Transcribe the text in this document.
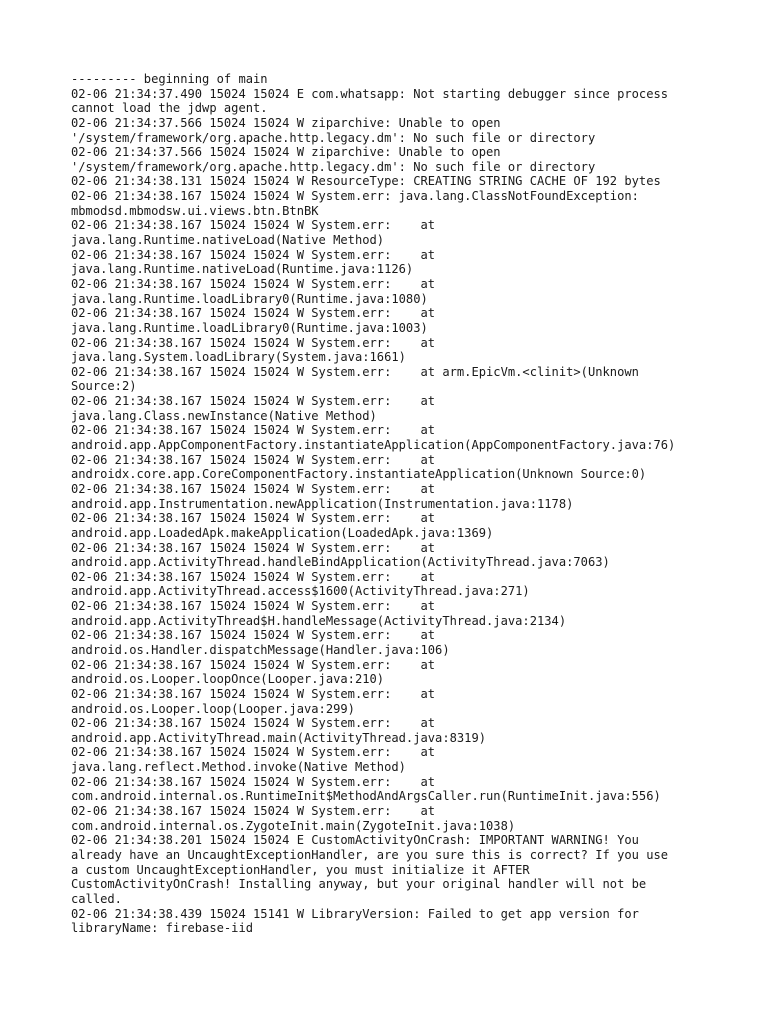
--------- beginning of main
02-06 21:34:37.490 15024 15024 E com.whatsapp: Not starting debugger since process
cannot load the jdwp agent.
02-06 21:34:37.566 15024 15024 W ziparchive: Unable to open
'/system/framework/org.apache.http.legacy.dm': No such file or directory
02-06 21:34:37.566 15024 15024 W ziparchive: Unable to open
'/system/framework/org.apache.http.legacy.dm': No such file or directory
02-06 21:34:38.131 15024 15024 W ResourceType: CREATING STRING CACHE OF 192 bytes
02-06 21:34:38.167 15024 15024 W System.err: java.lang.ClassNotFoundException:
mbmodsd.mbmodsw.ui.views.btn.BtnBK
02-06 21:34:38.167 15024 15024 W System.err:    at
java.lang.Runtime.nativeLoad(Native Method)
02-06 21:34:38.167 15024 15024 W System.err:    at
java.lang.Runtime.nativeLoad(Runtime.java:1126)
02-06 21:34:38.167 15024 15024 W System.err:    at
java.lang.Runtime.loadLibrary0(Runtime.java:1080)
02-06 21:34:38.167 15024 15024 W System.err:    at
java.lang.Runtime.loadLibrary0(Runtime.java:1003)
02-06 21:34:38.167 15024 15024 W System.err:    at
java.lang.System.loadLibrary(System.java:1661)
02-06 21:34:38.167 15024 15024 W System.err:    at arm.EpicVm.<clinit>(Unknown
Source:2)
02-06 21:34:38.167 15024 15024 W System.err:    at
java.lang.Class.newInstance(Native Method)
02-06 21:34:38.167 15024 15024 W System.err:    at
android.app.AppComponentFactory.instantiateApplication(AppComponentFactory.java:76)
02-06 21:34:38.167 15024 15024 W System.err:    at
androidx.core.app.CoreComponentFactory.instantiateApplication(Unknown Source:0)
02-06 21:34:38.167 15024 15024 W System.err:    at
android.app.Instrumentation.newApplication(Instrumentation.java:1178)
02-06 21:34:38.167 15024 15024 W System.err:    at
android.app.LoadedApk.makeApplication(LoadedApk.java:1369)
02-06 21:34:38.167 15024 15024 W System.err:    at
android.app.ActivityThread.handleBindApplication(ActivityThread.java:7063)
02-06 21:34:38.167 15024 15024 W System.err:    at
android.app.ActivityThread.access$1600(ActivityThread.java:271)
02-06 21:34:38.167 15024 15024 W System.err:    at
android.app.ActivityThread$H.handleMessage(ActivityThread.java:2134)
02-06 21:34:38.167 15024 15024 W System.err:    at
android.os.Handler.dispatchMessage(Handler.java:106)
02-06 21:34:38.167 15024 15024 W System.err:    at
android.os.Looper.loopOnce(Looper.java:210)
02-06 21:34:38.167 15024 15024 W System.err:    at
android.os.Looper.loop(Looper.java:299)
02-06 21:34:38.167 15024 15024 W System.err:    at
android.app.ActivityThread.main(ActivityThread.java:8319)
02-06 21:34:38.167 15024 15024 W System.err:    at
java.lang.reflect.Method.invoke(Native Method)
02-06 21:34:38.167 15024 15024 W System.err:    at
com.android.internal.os.RuntimeInit$MethodAndArgsCaller.run(RuntimeInit.java:556)
02-06 21:34:38.167 15024 15024 W System.err:    at
com.android.internal.os.ZygoteInit.main(ZygoteInit.java:1038)
02-06 21:34:38.201 15024 15024 E CustomActivityOnCrash: IMPORTANT WARNING! You
already have an UncaughtExceptionHandler, are you sure this is correct? If you use
a custom UncaughtExceptionHandler, you must initialize it AFTER
CustomActivityOnCrash! Installing anyway, but your original handler will not be
called.
02-06 21:34:38.439 15024 15141 W LibraryVersion: Failed to get app version for
libraryName: firebase-iid
